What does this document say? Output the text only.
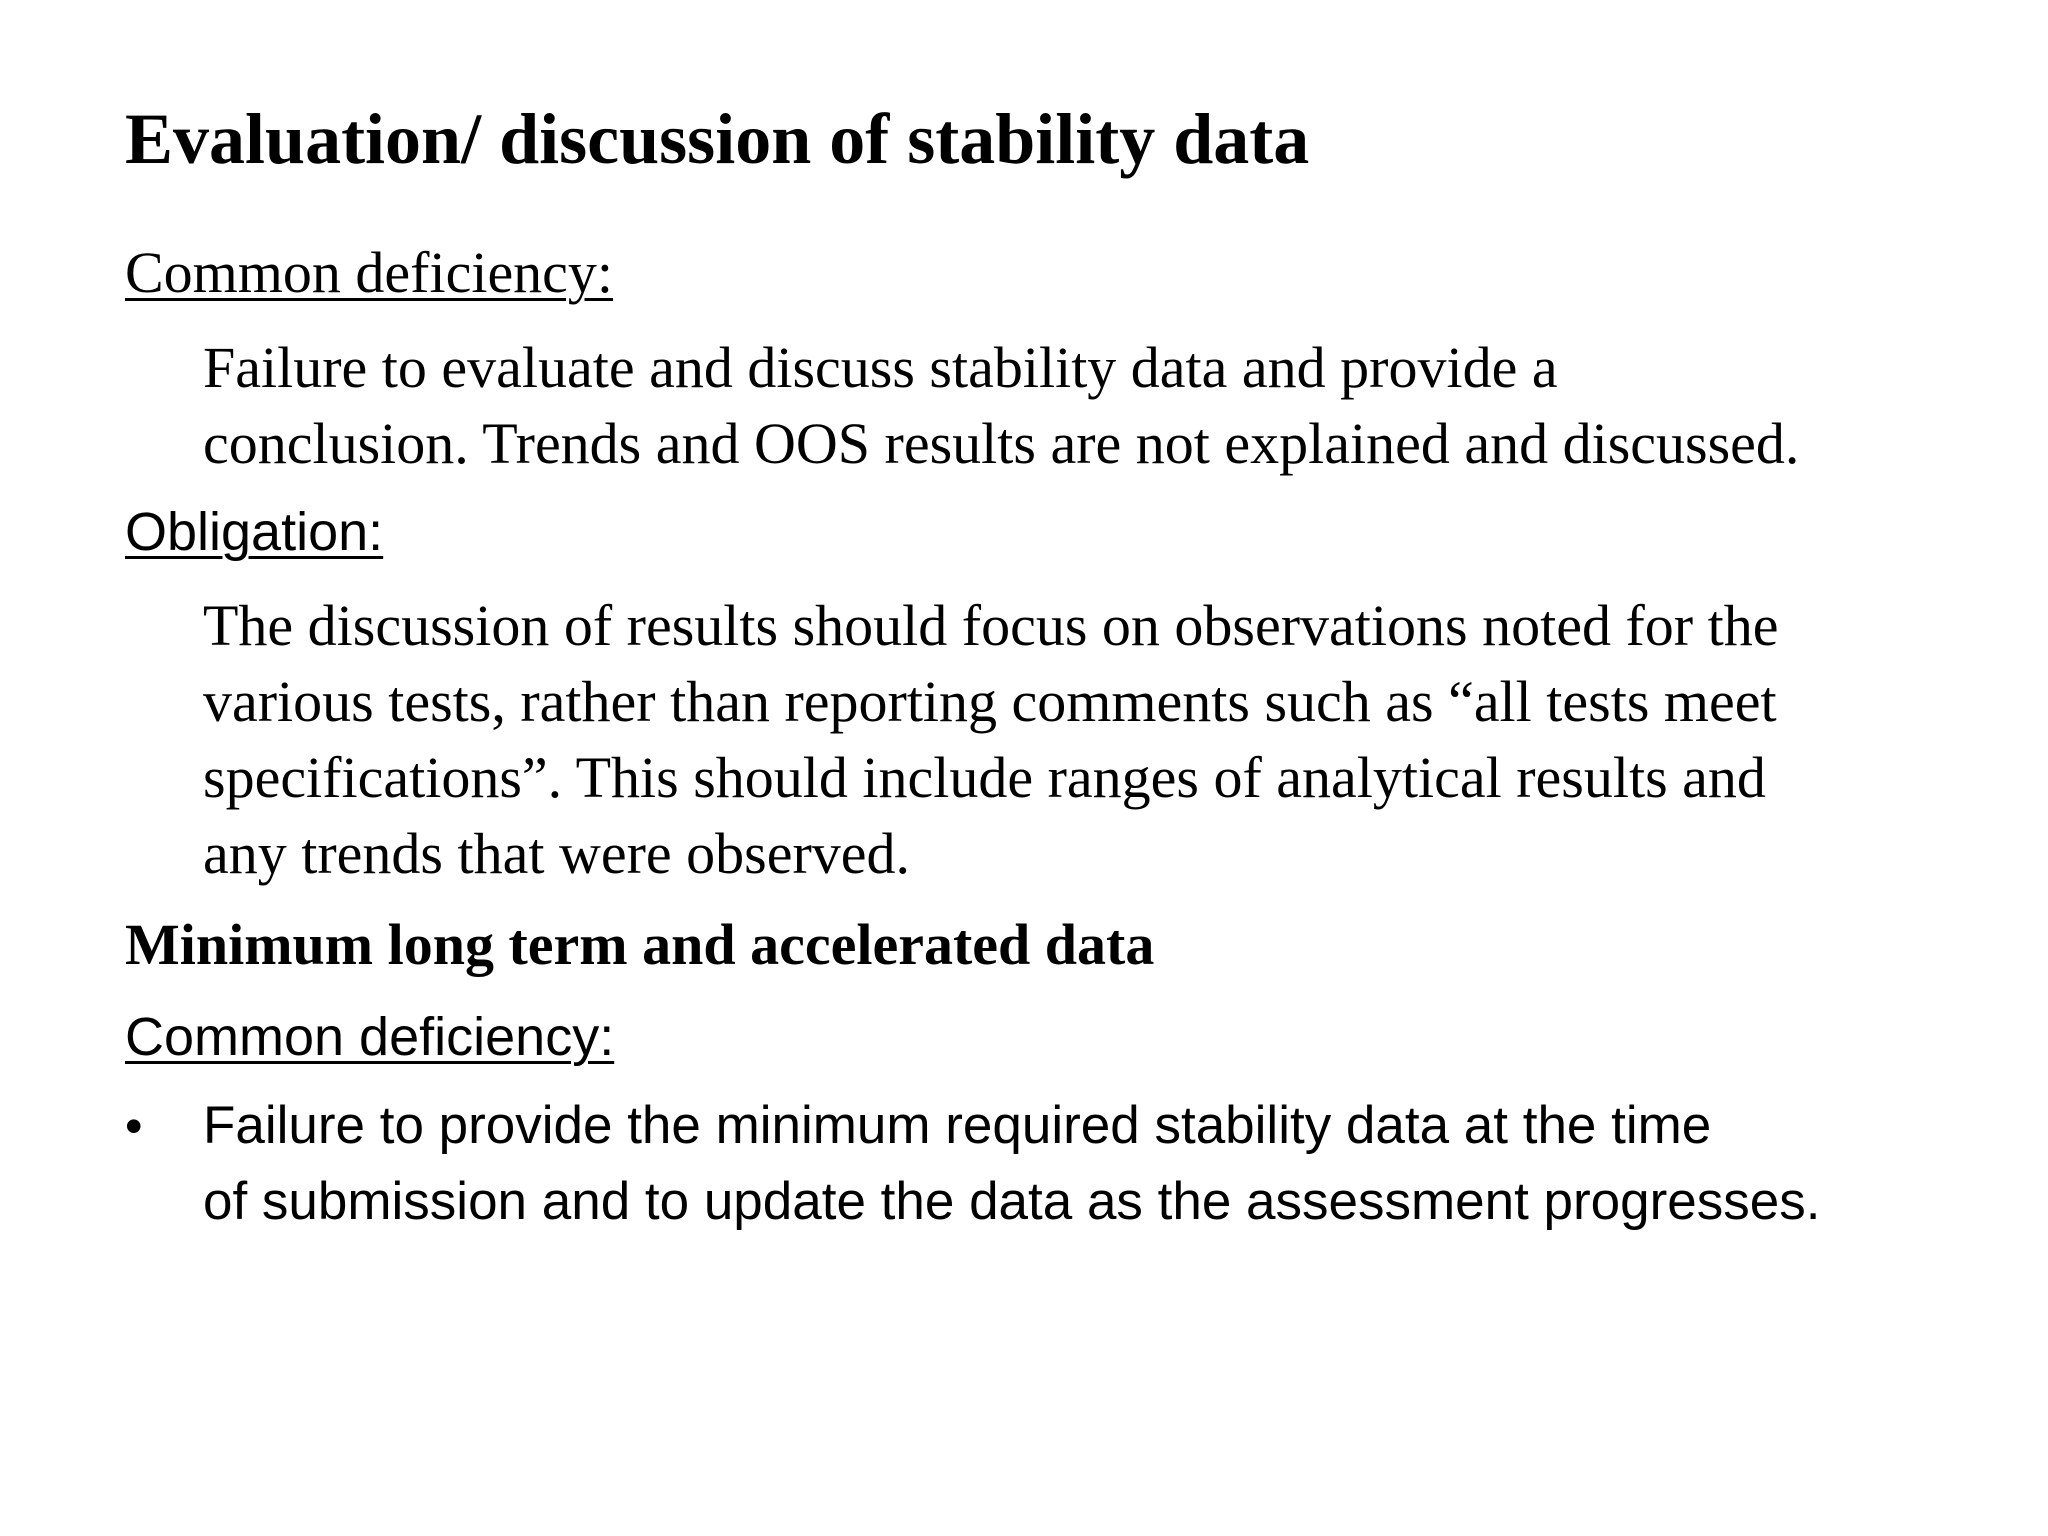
Evaluation/ discussion of stability data
Common deficiency:
Failure to evaluate and discuss stability data and provide a
conclusion. Trends and OOS results are not explained and discussed.
Obligation:
The discussion of results should focus on observations noted for the
various tests, rather than reporting comments such as “all tests meet
specifications”. This should include ranges of analytical results and
any trends that were observed.
Minimum long term and accelerated data
Common deficiency:
• Failure to provide the minimum required stability data at the time
of submission and to update the data as the assessment progresses.
